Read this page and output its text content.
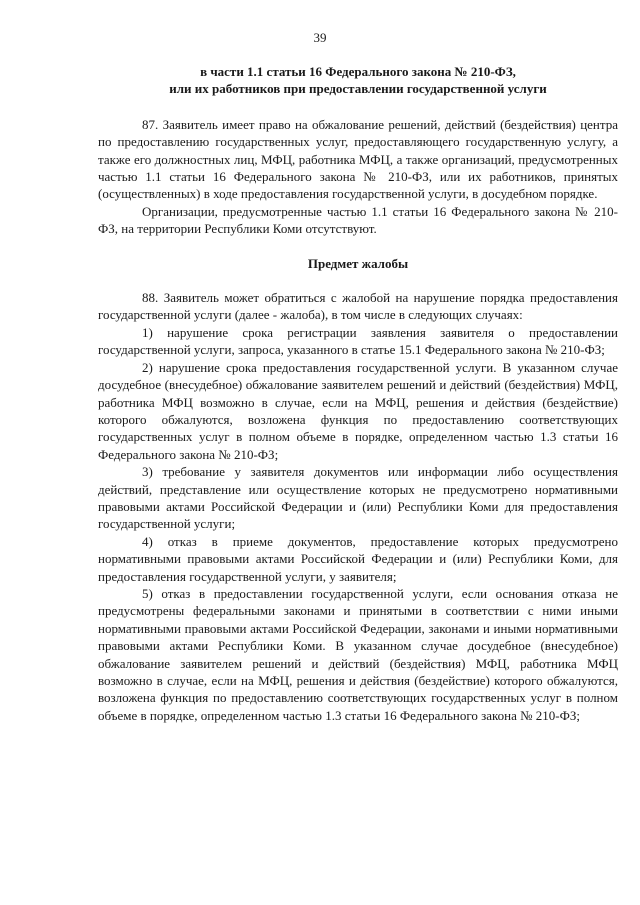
39
в части 1.1 статьи 16 Федерального закона № 210-ФЗ,
или их работников при предоставлении государственной услуги

87. Заявитель имеет право на обжалование решений, действий (бездействия) центра по предоставлению государственных услуг, предоставляющего государственную услугу, а также его должностных лиц, МФЦ, работника МФЦ, а также организаций, предусмотренных частью 1.1 статьи 16 Федерального закона № 210-ФЗ, или их работников, принятых (осуществленных) в ходе предоставления государственной услуги, в досудебном порядке.

Организации, предусмотренные частью 1.1 статьи 16 Федерального закона № 210-ФЗ, на территории Республики Коми отсутствуют.

Предмет жалобы

88. Заявитель может обратиться с жалобой на нарушение порядка предоставления государственной услуги (далее - жалоба), в том числе в следующих случаях:

1) нарушение срока регистрации заявления заявителя о предоставлении государственной услуги, запроса, указанного в статье 15.1 Федерального закона № 210-ФЗ;

2) нарушение срока предоставления государственной услуги. В указанном случае досудебное (внесудебное) обжалование заявителем решений и действий (бездействия) МФЦ, работника МФЦ возможно в случае, если на МФЦ, решения и действия (бездействие) которого обжалуются, возложена функция по предоставлению соответствующих государственных услуг в полном объеме в порядке, определенном частью 1.3 статьи 16 Федерального закона № 210-ФЗ;

3) требование у заявителя документов или информации либо осуществления действий, представление или осуществление которых не предусмотрено нормативными правовыми актами Российской Федерации и (или) Республики Коми для предоставления государственной услуги;

4) отказ в приеме документов, предоставление которых предусмотрено нормативными правовыми актами Российской Федерации и (или) Республики Коми, для предоставления государственной услуги, у заявителя;

5) отказ в предоставлении государственной услуги, если основания отказа не предусмотрены федеральными законами и принятыми в соответствии с ними иными нормативными правовыми актами Российской Федерации, законами и иными нормативными правовыми актами Республики Коми. В указанном случае досудебное (внесудебное) обжалование заявителем решений и действий (бездействия) МФЦ, работника МФЦ возможно в случае, если на МФЦ, решения и действия (бездействие) которого обжалуются, возложена функция по предоставлению соответствующих государственных услуг в полном объеме в порядке, определенном частью 1.3 статьи 16 Федерального закона № 210-ФЗ;
